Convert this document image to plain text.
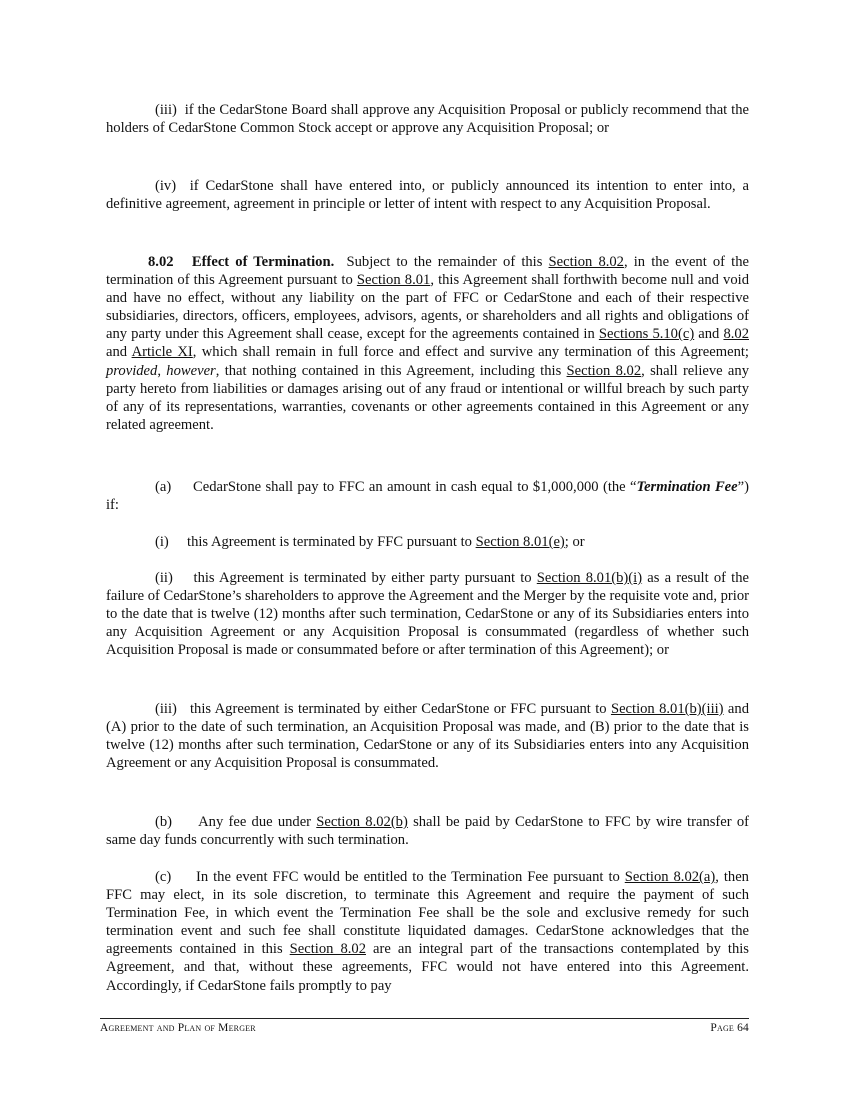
(iii)  if the CedarStone Board shall approve any Acquisition Proposal or publicly recommend that the holders of CedarStone Common Stock accept or approve any Acquisition Proposal; or

(iv)  if CedarStone shall have entered into, or publicly announced its intention to enter into, a definitive agreement, agreement in principle or letter of intent with respect to any Acquisition Proposal.

8.02   Effect of Termination.  Subject to the remainder of this Section 8.02, in the event of the termination of this Agreement pursuant to Section 8.01, this Agreement shall forthwith become null and void and have no effect, without any liability on the part of FFC or CedarStone and each of their respective subsidiaries, directors, officers, employees, advisors, agents, or shareholders and all rights and obligations of any party under this Agreement shall cease, except for the agreements contained in Sections 5.10(c) and 8.02 and Article XI, which shall remain in full force and effect and survive any termination of this Agreement; provided, however, that nothing contained in this Agreement, including this Section 8.02, shall relieve any party hereto from liabilities or damages arising out of any fraud or intentional or willful breach by such party of any of its representations, warranties, covenants or other agreements contained in this Agreement or any related agreement.

(a)     CedarStone shall pay to FFC an amount in cash equal to $1,000,000 (the “Termination Fee”) if:

(i)     this Agreement is terminated by FFC pursuant to Section 8.01(e); or

(ii)    this Agreement is terminated by either party pursuant to Section 8.01(b)(i) as a result of the failure of CedarStone’s shareholders to approve the Agreement and the Merger by the requisite vote and, prior to the date that is twelve (12) months after such termination, CedarStone or any of its Subsidiaries enters into any Acquisition Agreement or any Acquisition Proposal is consummated (regardless of whether such Acquisition Proposal is made or consummated before or after termination of this Agreement); or

(iii)   this Agreement is terminated by either CedarStone or FFC pursuant to Section 8.01(b)(iii) and (A) prior to the date of such termination, an Acquisition Proposal was made, and (B) prior to the date that is twelve (12) months after such termination, CedarStone or any of its Subsidiaries enters into any Acquisition Agreement or any Acquisition Proposal is consummated.

(b)     Any fee due under Section 8.02(b) shall be paid by CedarStone to FFC by wire transfer of same day funds concurrently with such termination.

(c)     In the event FFC would be entitled to the Termination Fee pursuant to Section 8.02(a), then FFC may elect, in its sole discretion, to terminate this Agreement and require the payment of such Termination Fee, in which event the Termination Fee shall be the sole and exclusive remedy for such termination event and such fee shall constitute liquidated damages. CedarStone acknowledges that the agreements contained in this Section 8.02 are an integral part of the transactions contemplated by this Agreement, and that, without these agreements, FFC would not have entered into this Agreement. Accordingly, if CedarStone fails promptly to pay

Agreement and Plan of Merger	Page 64
